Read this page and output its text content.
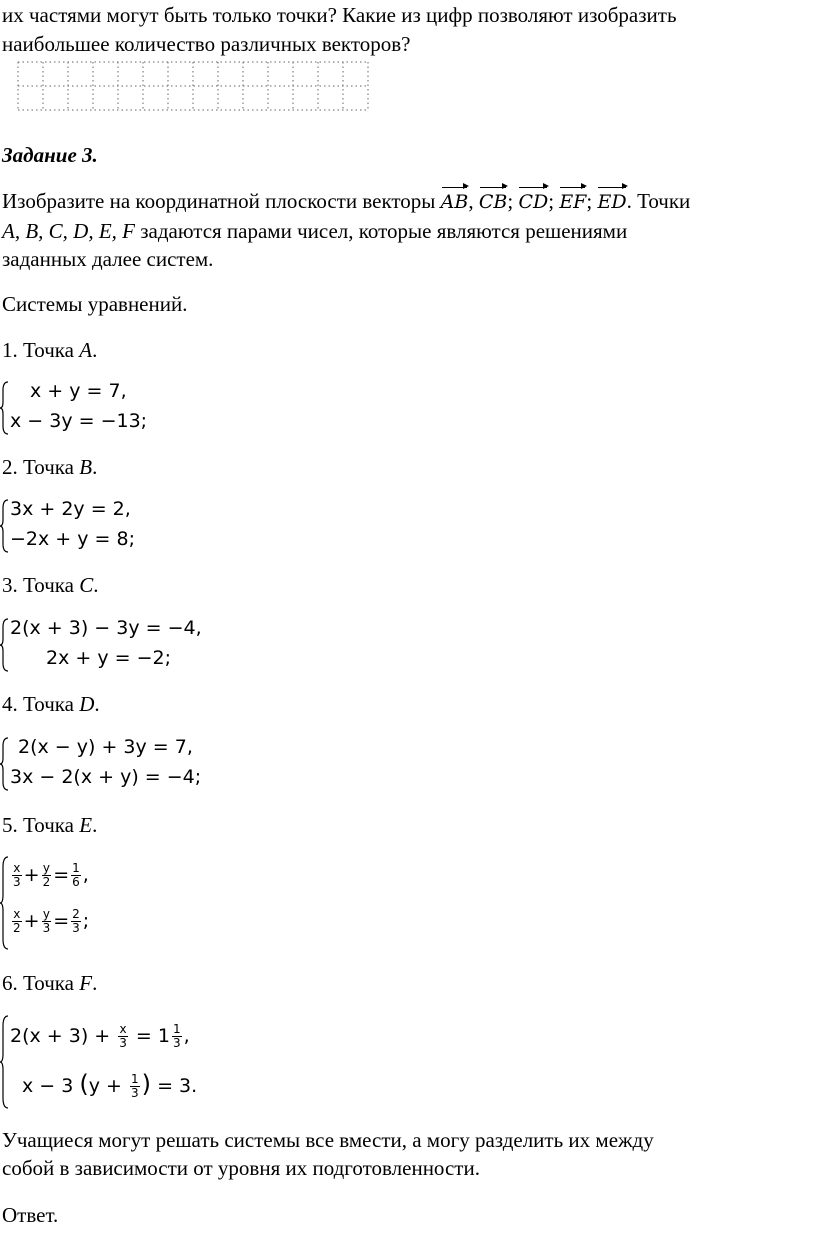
их частями могут быть только точки? Какие из цифр позволяют изобразить

наибольшее количество различных векторов?

Задание 3.

Изобразите на координатной плоскости векторы AB, CB; CD; EF; ED. Точки

A, B, C, D, E, F задаются парами чисел, которые являются решениями

заданных далее систем.

Системы уравнений.

1. Точка A.

x + y = 7,
x − 3y = −13;

2. Точка B.

3x + 2y = 2,
−2x + y = 8;

3. Точка C.

2(x + 3) − 3y = −4,
2x + y = −2;

4. Точка D.

2(x − y) + 3y = 7,
3x − 2(x + y) = −4;

5. Точка E.

$\frac{x}{3} + \frac{y}{2} = \frac{1}{6}$ ,
$\frac{x}{2} + \frac{y}{3} = \frac{2}{3}$ ;

6. Точка F.

$2(x + 3) + \frac{x}{3} = 1 \frac{1}{3}$ ,
x − 3 ($y + \frac{1}{3}$ ) = 3.

Учащиеся могут решать системы все вмести, а могу разделить их между

собой в зависимости от уровня их подготовленности.

Ответ.
